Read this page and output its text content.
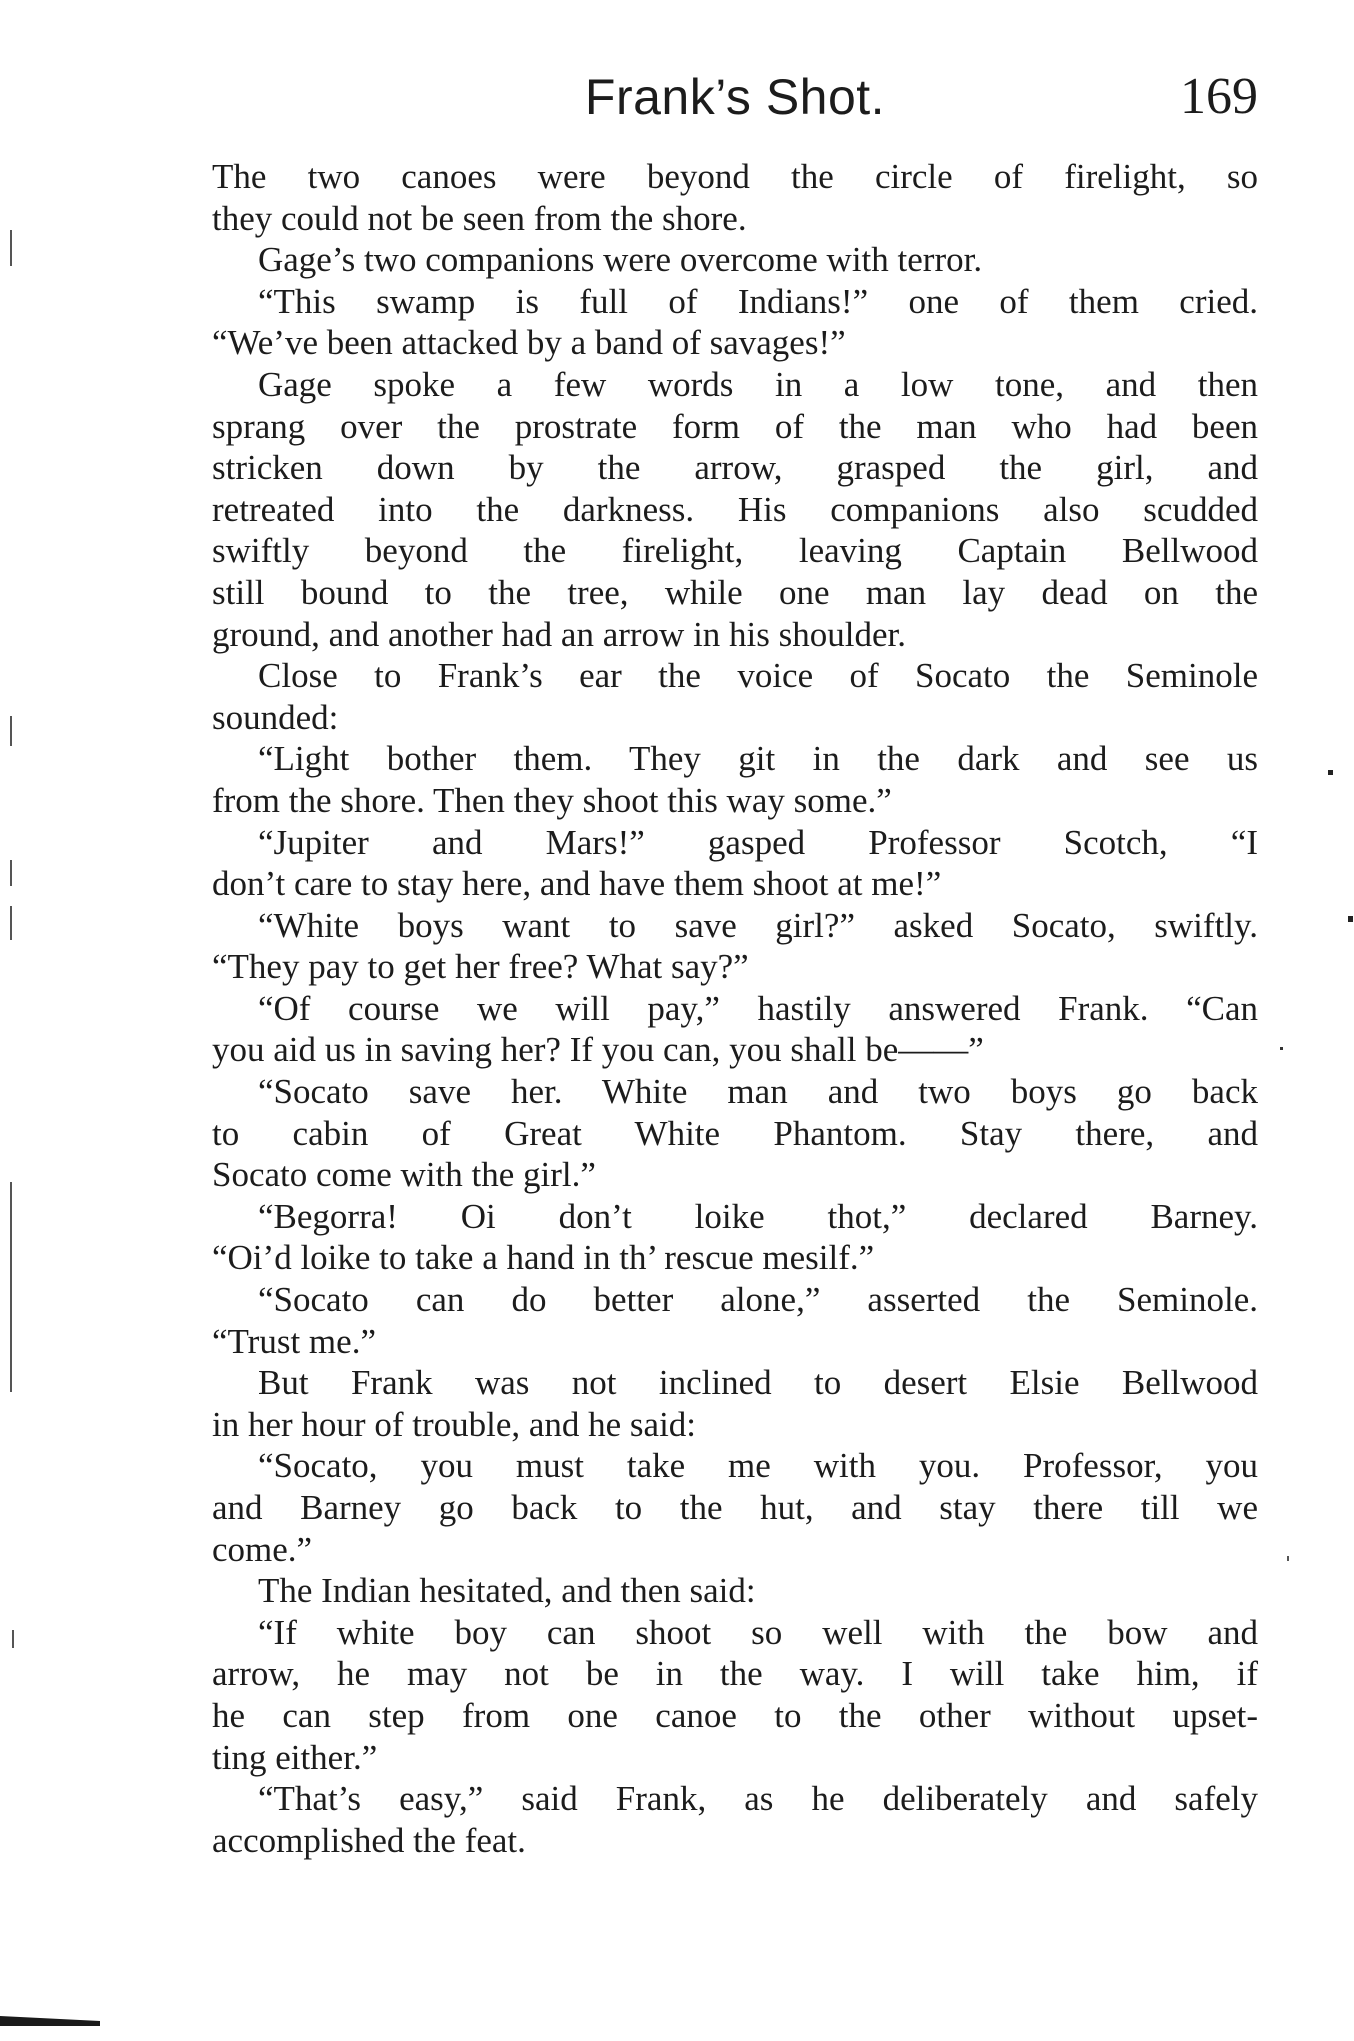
Frank’s Shot.	169
The two canoes were beyond the circle of firelight, so
they could not be seen from the shore.
Gage’s two companions were overcome with terror.
“This swamp is full of Indians!” one of them cried.
“We’ve been attacked by a band of savages!”
Gage spoke a few words in a low tone, and then
sprang over the prostrate form of the man who had been
stricken down by the arrow, grasped the girl, and
retreated into the darkness. His companions also scudded
swiftly beyond the firelight, leaving Captain Bellwood
still bound to the tree, while one man lay dead on the
ground, and another had an arrow in his shoulder.
Close to Frank’s ear the voice of Socato the Seminole
sounded:
“Light bother them. They git in the dark and see us
from the shore. Then they shoot this way some.”
“Jupiter and Mars!” gasped Professor Scotch, “I
don’t care to stay here, and have them shoot at me!”
“White boys want to save girl?” asked Socato, swiftly.
“They pay to get her free? What say?”
“Of course we will pay,” hastily answered Frank. “Can
you aid us in saving her? If you can, you shall be——”
“Socato save her. White man and two boys go back
to cabin of Great White Phantom. Stay there, and
Socato come with the girl.”
“Begorra! Oi don’t loike thot,” declared Barney.
“Oi’d loike to take a hand in th’ rescue mesilf.”
“Socato can do better alone,” asserted the Seminole.
“Trust me.”
But Frank was not inclined to desert Elsie Bellwood
in her hour of trouble, and he said:
“Socato, you must take me with you. Professor, you
and Barney go back to the hut, and stay there till we
come.”
The Indian hesitated, and then said:
“If white boy can shoot so well with the bow and
arrow, he may not be in the way. I will take him, if
he can step from one canoe to the other without upset-
ting either.”
“That’s easy,” said Frank, as he deliberately and safely
accomplished the feat.
